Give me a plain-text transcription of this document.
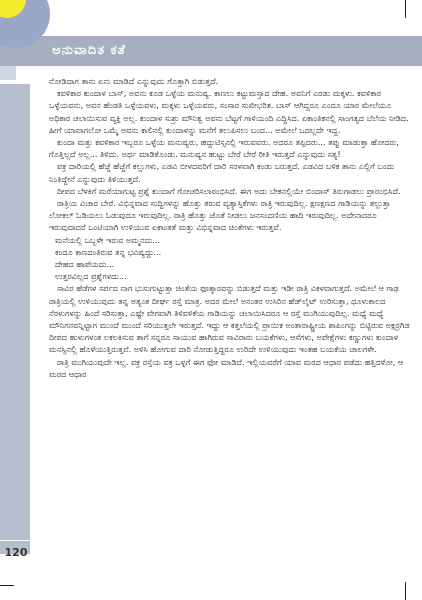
ಅನುವಾದಿತ ಕತೆ
120

ನೋಡಿದಾಗ ತಾನು ಏನು ಮಾಡಿದೆ ಎನ್ನುವುದು ಗೊತ್ತಾಗಿ ಬಿಡುತ್ತದೆ.

ಕವಳಿಕಾರ ಕುಂದಾಳ ಬಾಸ್, ಅವನು ಕೂಡ ಒಳ್ಳೆಯ ಮನುಷ್ಯ. ಕಾಣಲು ಕಟ್ಟುಮಸ್ತಾದ ದೇಹ. ಅವನಿಗೆ ಎರಡು ಮಕ್ಕಳು. ಕವಳಿಕಾರ ಒಳ್ಳೆಯವನು, ಅವನ ಹೆಂಡತಿ ಒಳ್ಳೆಯವಳು, ಮಕ್ಕಳು ಒಳ್ಳೆಯವರು, ಸಂಸಾರ ಸುಖೀಭರಿತ. ಬಾಸ್ ಆಗಿದ್ದರೂ ಎಂದೂ ಯಾರ ಮೇಲೆಯೂ ಅಧಿಕಾರ ಚಲಾಯಿಸುವ ವ್ಯಕ್ತಿ ಅಲ್ಲ. ಕುಂದಾಳ ಸುಶ್ರು ಮೌನಿತ್ವ ಅವನು ಬೆಟ್ಟಗೆ ಗಾಳಿಯಂದಿ ಎದ್ದಿಸಿದ. ಏಕಾಂತಿಕನಲ್ಲಿ ಸಾಂಗತ್ಯದ ಬೆಲೆಯ ನೀಡಿದ. ಹೀಗೆ ಯಾವಾಗಲೋ ಒಮ್ಮೆ ಅವನು ಕಾಲಿನಲ್ಲಿ ಕುಂದಾಳನ್ನು ಮನೆಗೆ ತಲುಪಿಸಲು ಬಂದ... ಅಮೇಲೆ ಒದಲ್ಲದೇ ಇದ್ದ.

ಕುಂದಾ ಮತ್ತು ಕವಳಿಕಾರ ಇಬ್ಬರೂ ಒಳ್ಳೆಯ ಮನುಷ್ಯರು, ಹದ್ದುಟಿಸ್ಸನಲ್ಲಿ ಇರುವವರು. ಅದರೂ ತಪ್ಪಿದರು... ತಪ್ಪು ಮಾಡುತ್ತಾ ಹೋದರು, ಗೊತ್ತಿಲ್ಲದೆ ಅಲ್ಲ... ತಿಳಿದು. ಅರ್ಥ ಮಾಡಿಕೊಂಡು. ಮನುಷ್ಯನ ಹುಟ್ಟು ಬೇರೆ ಬೇರೆ ರೀತಿ ಇರುತ್ತದೆ ಎನ್ನುವುದು ಸತ್ಯ!

ವಕ್ರ ದಾರಿಯಲ್ಲಿ ಹೆಜ್ಜೆ ಹೆಜ್ಜೆಗೆ ಕಲ್ಲುಗಳು, ಎಡವಿ ಬೀಳದವರಿಗೆ ದಾರಿ ಸರಳವಾಗಿ ಕಂಡು ಬರುತ್ತದೆ. ಎಡವಿದ ಬಳಿಕ ತಾನು ಎಲ್ಲಿಗೆ ಬಂದು ನಿಂತಿದ್ದೇನೆ ಎನ್ನುವುದು ತಿಳಿಯುತ್ತದೆ.

ದೀಪದ ಬೆಳಕಿಗೆ ಮರೆಯಾಗುಟ್ಟ ಪ್ರಶ್ನೆ ಕುಂದಾಗೆ ಗೋಚರಿಸಲಾರಂಭಿಸಿದೆ. ಈಗ ಅದು ಬೇಕನಲ್ಲಿಯೇ ಬಿಂದಾಸ್ ತಿರುಗಾಡಲು ಪ್ರಾರಂಭಿಸಿದೆ.

ರಾತ್ರಿಯ ವಿಚಾರ ಬೇರೆ. ವಿಭಿನ್ನವಾದ ಸುದ್ದಿಗಳನ್ನು ಹೊತ್ತು ತರುವ ವ್ಯತ್ಯಾಸ್ತಿಕೆಗಳು ರಾತ್ರಿ ಇರುವುದಿಲ್ಲ. ಕ್ಷಣಕ್ಷಣದ ಗಾಡಿಯನ್ನು ತಲ್ಪುತ್ತಾ ಲೋಕಲ್ ಓಡಿಯಲು ಓಡುವುದೂ ಇರುವುದಿಲ್ಲ. ರಾತ್ರಿ ಹೊತ್ತು ಜೊತೆ ನೀಡಲು ಜನಸಂದಣಿಯ ಹಾದಿ ಇರುವುದಿಲ್ಲ. ಅದೇನಾದರೂ ಇರುವುದಾದರೆ ಒಂಟಿಯಾಗಿ ಉಳಿಯುವ ಏಕಾಂತತೆ ಮತ್ತು ವಿಭಿನ್ನವಾದ ಚಿಂತೆಗಳು ಇರುತ್ತವೆ.

ಮನೆಯಲ್ಲಿ ಒಬ್ಬಳೇ ಇರುವ ಅಮ್ಮನದು...
ಕಂದೂ ಕಾಣದಂತಿರುವ ತನ್ನ ಭವಿಷ್ಯದ್ದು...
ದೇಹದ ಹಾಪೆಯದು...
ಉತ್ತರವಿಲ್ಲದ ಪ್ರಶ್ನೆಗಳದು...

ಸಾವಿರ ಹೆಡೆಗಳ ಸರ್ಪದ ನಾಗ ಭುಸುಗುಟ್ಟುತ್ತಾ ಚಿಂತೆಯ ಫೂತ್ಕಾರವನ್ನು ಬಿಡುತ್ತದೆ ಮತ್ತು ಇಡೀ ರಾತ್ರಿ ವಿಕಳವಾಗುತ್ತದೆ. ಅಮೇಲೆ ಆ ಗಾಢ ರಾತ್ರಿಯಲ್ಲಿ ಉಳಿಯುವುದು ತನ್ನ ಅತ್ಯಂತ ದೀರ್ಘ ರಸ್ತೆ ಮಾತ್ರ. ಅದರ ಮೇಲೆ ಅನಂತರ ಉಸಿರಿನ ಹೆಡ್‌ಲೈಟ್ ಉರಿಸುತ್ತಾ, ಧೂಳುಕಾಲದ ನೆರಳುಗಳನ್ನು ಹಿಂದೆ ಸರಿಸುತ್ತಾ, ಎಷ್ಟೇ ವೇಗವಾಗಿ ತಿಳಿವಳಿಕೆಯ ಗಾಡಿಯನ್ನು ಚಲಾಯಿಸಿದರೂ ಆ ರಸ್ತೆ ಮುಗಿಯುವುದಿಲ್ಲ. ಮಧ್ಯೆ ಮಧ್ಯೆ ಮೌನಿಗನವನ್ನಿಟ್ಟಾಗ ಮುಂದೆ ಮುಂದೆ ಸರಿಯುತ್ತಲೇ ಇರುತ್ತದೆ. ಇದ್ದು ಆ ಕತ್ತಲೆಯಲ್ಲಿ ಪ್ರಾಯಿಕ ಅಂತಾರಾಷ್ಟ್ರೀಯ ಶಾಪಿಂಗನ್ನು ಬಿಟ್ಟಿರುವ ಅಕ್ಷರ್ರಗಿಡ ದೀಪದ ಹುಳುಗಳಂತ ಲಕಲಕಿಸುವ ತಾಗೆ ಸನ್ನರೂ ಸಾಯುವ ಹಾಗಿರುವ ಸಾವಿರಾರು ಬಯಕೆಗಳು, ಆಸೆಗಳು, ಅಪೇಕ್ಷೆಗಳು ಕಣ್ಣುಗಳು ಕುಂದಾಳ ಮನಸ್ಸಿನಲ್ಲಿ ಹೊಳೆಯುತ್ತಿರುತ್ತವೆ. ಅಳಿಸಿ ಹೋಗುವ ದಾರಿ ನೋಡುತ್ತಿದ್ದರೂ ಉರಿದೇ ಉಳಿಯುವುದು ಇಂತಹ ಬಯಕೆಯ ಚಾಲಗಳೇ.

ರಾತ್ರಿ ಮುಗಿಯುವುದೇ ಇಲ್ಲ. ವಕ್ರ ರಸ್ತೆಯ ವಕ್ರ ಒಳ್ಳಗೆ ಈಗ ಫೋ ಮಾಡಿದೆ. ಇಲ್ಲಿಯವರೆಗೆ ಯಾವ ಮರದ ಆಧಾರ ಪಡೆದು ಹತ್ತಿದಳೋ, ಆ ಮರದ ಆಧಾರ
